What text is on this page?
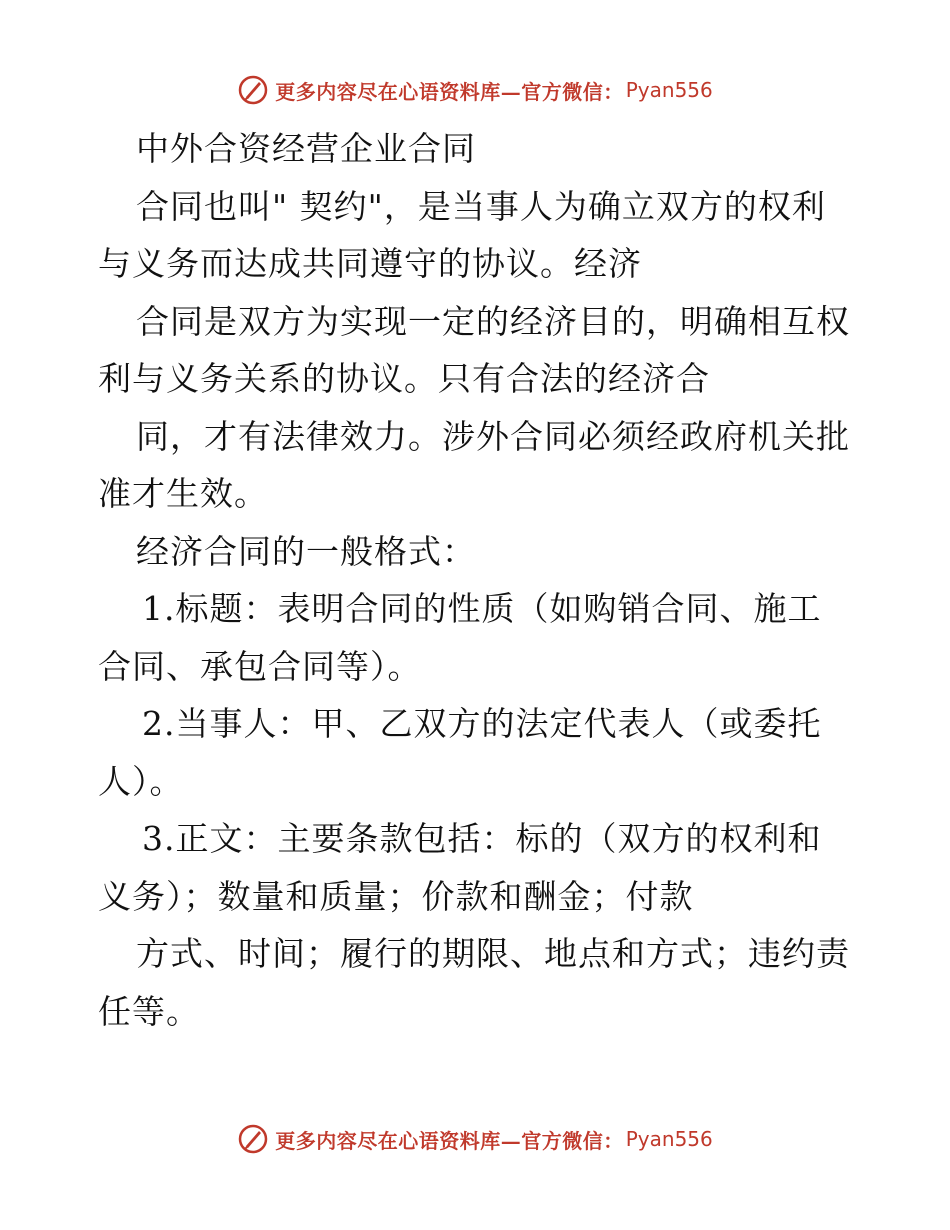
更多内容尽在心语资料库—官方微信： Pyan556
中外合资经营企业合同
合同也叫" 契约"，是当事人为确立双方的权利
与义务而达成共同遵守的协议。经济
合同是双方为实现一定的经济目的，明确相互权
利与义务关系的协议。只有合法的经济合
同，才有法律效力。涉外合同必须经政府机关批
准才生效。
经济合同的一般格式：
1.标题：表明合同的性质（如购销合同、施工
合同、承包合同等）。
2.当事人：甲、乙双方的法定代表人（或委托
人）。
3.正文：主要条款包括：标的（双方的权利和
义务）；数量和质量；价款和酬金；付款
方式、时间；履行的期限、地点和方式；违约责
任等。
更多内容尽在心语资料库—官方微信： Pyan556
